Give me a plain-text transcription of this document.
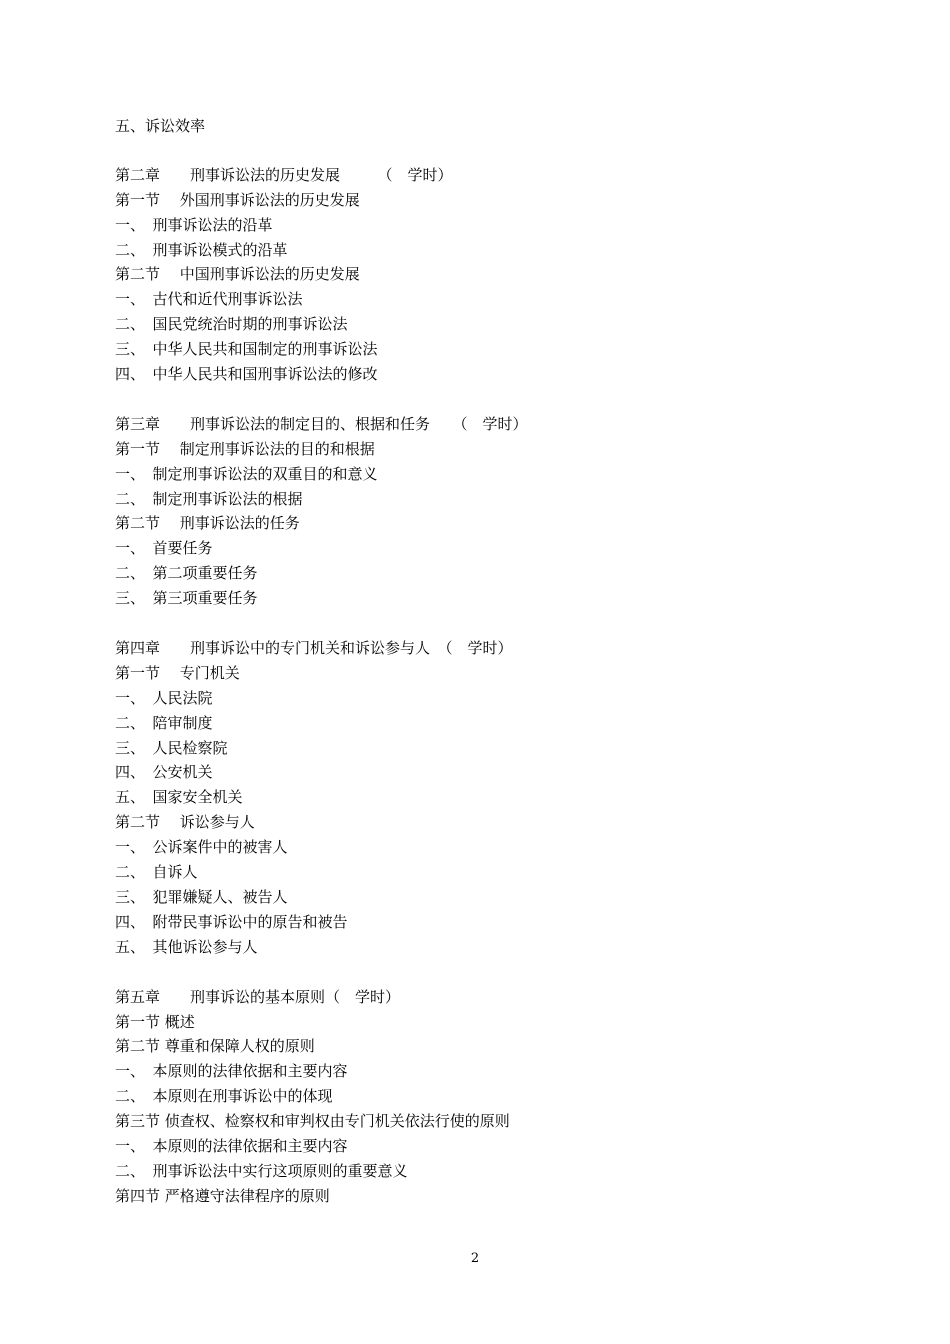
五、诉讼效率
第二章　　刑事诉讼法的历史发展　　　（　学时）
第一节　 外国刑事诉讼法的历史发展
一、　刑事诉讼法的沿革
二、　刑事诉讼模式的沿革
第二节　 中国刑事诉讼法的历史发展
一、　古代和近代刑事诉讼法
二、　国民党统治时期的刑事诉讼法
三、　中华人民共和国制定的刑事诉讼法
四、　中华人民共和国刑事诉讼法的修改
第三章　　刑事诉讼法的制定目的、根据和任务　　（　学时）
第一节　 制定刑事诉讼法的目的和根据
一、　制定刑事诉讼法的双重目的和意义
二、　制定刑事诉讼法的根据
第二节　 刑事诉讼法的任务
一、　首要任务
二、　第二项重要任务
三、　第三项重要任务
第四章　　刑事诉讼中的专门机关和诉讼参与人　（　学时）
第一节　 专门机关
一、　人民法院
二、　陪审制度
三、　人民检察院
四、　公安机关
五、　国家安全机关
第二节　 诉讼参与人
一、　公诉案件中的被害人
二、　自诉人
三、　犯罪嫌疑人、被告人
四、　附带民事诉讼中的原告和被告
五、　其他诉讼参与人
第五章　　刑事诉讼的基本原则（　学时）
第一节 概述
第二节 尊重和保障人权的原则
一、　本原则的法律依据和主要内容
二、　本原则在刑事诉讼中的体现
第三节 侦查权、检察权和审判权由专门机关依法行使的原则
一、　本原则的法律依据和主要内容
二、　刑事诉讼法中实行这项原则的重要意义
第四节 严格遵守法律程序的原则
2
